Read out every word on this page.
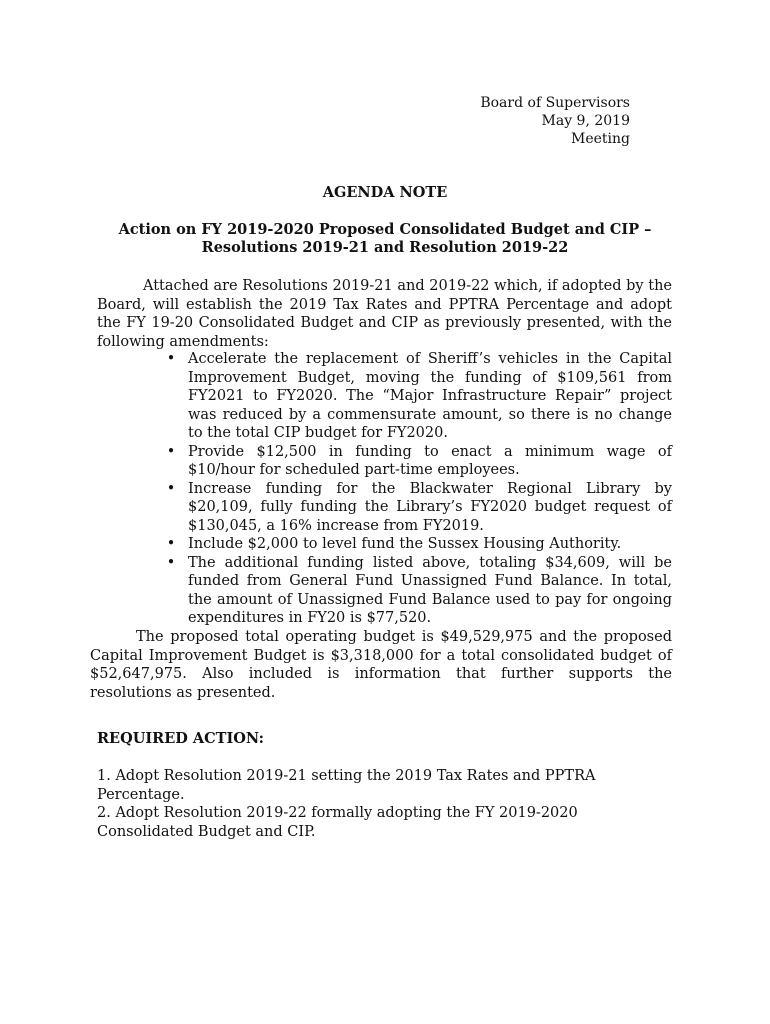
Board of Supervisors
May 9, 2019 Meeting
AGENDA NOTE
Action on FY 2019-2020 Proposed Consolidated Budget and CIP –
Resolutions 2019-21 and Resolution 2019-22

Attached are Resolutions 2019-21 and 2019-22 which, if adopted by the Board, will establish the 2019 Tax Rates and PPTRA Percentage and adopt the FY 19-20 Consolidated Budget and CIP as previously presented, with the following amendments:

• Accelerate the replacement of Sheriff’s vehicles in the Capital Improvement Budget, moving the funding of $109,561 from FY2021 to FY2020. The “Major Infrastructure Repair” project was reduced by a commensurate amount, so there is no change to the total CIP budget for FY2020.
• Provide $12,500 in funding to enact a minimum wage of $10/hour for scheduled part-time employees.
• Increase funding for the Blackwater Regional Library by $20,109, fully funding the Library’s FY2020 budget request of $130,045, a 16% increase from FY2019.
• Include $2,000 to level fund the Sussex Housing Authority.
• The additional funding listed above, totaling $34,609, will be funded from General Fund Unassigned Fund Balance. In total, the amount of Unassigned Fund Balance used to pay for ongoing expenditures in FY20 is $77,520.

The proposed total operating budget is $49,529,975 and the proposed Capital Improvement Budget is $3,318,000 for a total consolidated budget of $52,647,975. Also included is information that further supports the resolutions as presented.

REQUIRED ACTION:
1. Adopt Resolution 2019-21 setting the 2019 Tax Rates and PPTRA Percentage.
2. Adopt Resolution 2019-22 formally adopting the FY 2019-2020 Consolidated Budget and CIP.
